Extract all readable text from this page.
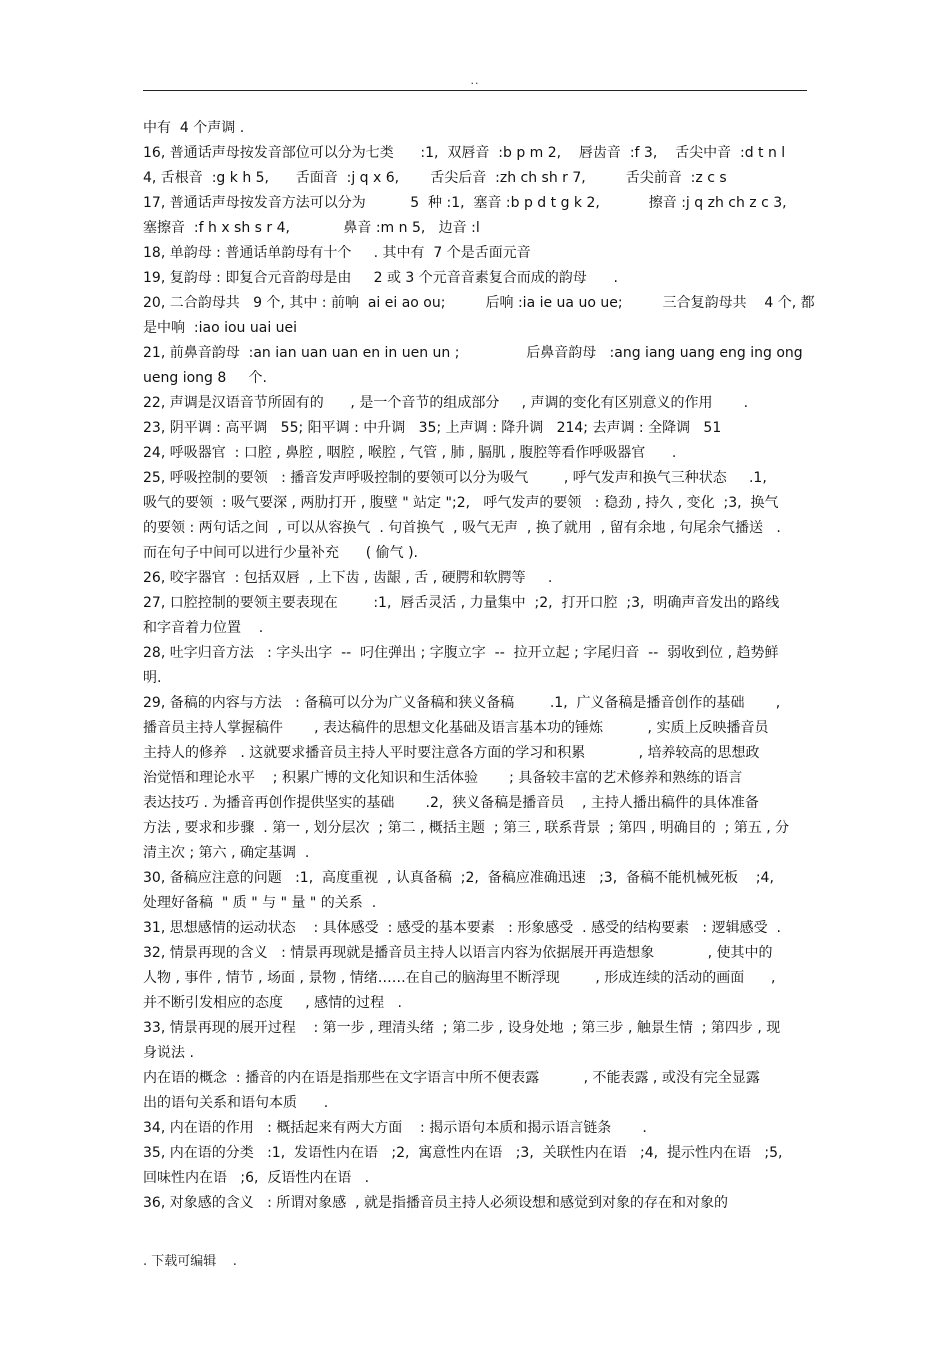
..
中有  4 个声调 .
16, 普通话声母按发音部位可以分为七类      :1,  双唇音  :b p m 2,    唇齿音  :f 3,    舌尖中音  :d t n l
4, 舌根音  :g k h 5,      舌面音  :j q x 6,       舌尖后音  :zh ch sh r 7,         舌尖前音  :z c s
17, 普通话声母按发音方法可以分为          5  种 :1,  塞音 :b p d t g k 2,           擦音 :j q zh ch z c 3,
塞擦音  :f h x sh s r 4,            鼻音 :m n 5,   边音 :l
18, 单韵母 : 普通话单韵母有十个     . 其中有  7 个是舌面元音
19, 复韵母 : 即复合元音韵母是由     2 或 3 个元音音素复合而成的韵母      .
20, 二合韵母共   9 个, 其中 : 前响  ai ei ao ou;         后响 :ia ie ua uo ue;         三合复韵母共    4 个, 都
是中响  :iao iou uai uei
21, 前鼻音韵母  :an ian uan uan en in uen un ;               后鼻音韵母   :ang iang uang eng ing ong
ueng iong 8     个.
22, 声调是汉语音节所固有的      , 是一个音节的组成部分     , 声调的变化有区别意义的作用       .
23, 阴平调 : 高平调   55; 阳平调 : 中升调   35; 上声调 : 降升调   214; 去声调 : 全降调   51
24, 呼吸器官  : 口腔 , 鼻腔 , 咽腔 , 喉腔 , 气管 , 肺 , 膈肌 , 腹腔等看作呼吸器官      .
25, 呼吸控制的要领   : 播音发声呼吸控制的要领可以分为吸气        , 呼气发声和换气三种状态     .1,
吸气的要领  : 吸气要深 , 两肋打开 , 腹壁 " 站定 ";2,   呼气发声的要领   : 稳劲 , 持久 , 变化  ;3,  换气
的要领 : 两句话之间  , 可以从容换气  . 句首换气  , 吸气无声  , 换了就用  , 留有余地 , 句尾余气播送   .
而在句子中间可以进行少量补充      ( 偷气 ).
26, 咬字器官  : 包括双唇  , 上下齿 , 齿龈 , 舌 , 硬腭和软腭等     .
27, 口腔控制的要领主要表现在        :1,  唇舌灵活 , 力量集中  ;2,  打开口腔  ;3,  明确声音发出的路线
和字音着力位置    .
28, 吐字归音方法   : 字头出字  --  叼住弹出 ; 字腹立字  --  拉开立起 ; 字尾归音  --  弱收到位 , 趋势鲜
明.
29, 备稿的内容与方法   : 备稿可以分为广义备稿和狭义备稿        .1,  广义备稿是播音创作的基础       ,
播音员主持人掌握稿件       , 表达稿件的思想文化基础及语言基本功的锤炼          , 实质上反映播音员
主持人的修养   . 这就要求播音员主持人平时要注意各方面的学习和积累            , 培养较高的思想政
治觉悟和理论水平    ; 积累广博的文化知识和生活体验       ; 具备较丰富的艺术修养和熟练的语言
表达技巧 . 为播音再创作提供坚实的基础       .2,  狭义备稿是播音员    , 主持人播出稿件的具体准备
方法 , 要求和步骤  . 第一 , 划分层次  ; 第二 , 概括主题  ; 第三 , 联系背景  ; 第四 , 明确目的  ; 第五 , 分
清主次 ; 第六 , 确定基调  .
30, 备稿应注意的问题   :1,  高度重视  , 认真备稿  ;2,  备稿应准确迅速   ;3,  备稿不能机械死板    ;4,
处理好备稿  " 质 " 与 " 量 " 的关系  .
31, 思想感情的运动状态    : 具体感受  : 感受的基本要素   : 形象感受  . 感受的结构要素   : 逻辑感受  .
32, 情景再现的含义   : 情景再现就是播音员主持人以语言内容为依据展开再造想象            , 使其中的
人物 , 事件 , 情节 , 场面 , 景物 , 情绪……在自己的脑海里不断浮现        , 形成连续的活动的画面      ,
并不断引发相应的态度     , 感情的过程   .
33, 情景再现的展开过程    : 第一步 , 理清头绪  ; 第二步 , 设身处地  ; 第三步 , 触景生情  ; 第四步 , 现
身说法 .
内在语的概念  : 播音的内在语是指那些在文字语言中所不便表露          , 不能表露 , 或没有完全显露
出的语句关系和语句本质      .
34, 内在语的作用   : 概括起来有两大方面    : 揭示语句本质和揭示语言链条       .
35, 内在语的分类   :1,  发语性内在语   ;2,  寓意性内在语   ;3,  关联性内在语   ;4,  提示性内在语   ;5,
回味性内在语   ;6,  反语性内在语   .
36, 对象感的含义   : 所谓对象感  , 就是指播音员主持人必须设想和感觉到对象的存在和对象的
. 下载可编辑    .
